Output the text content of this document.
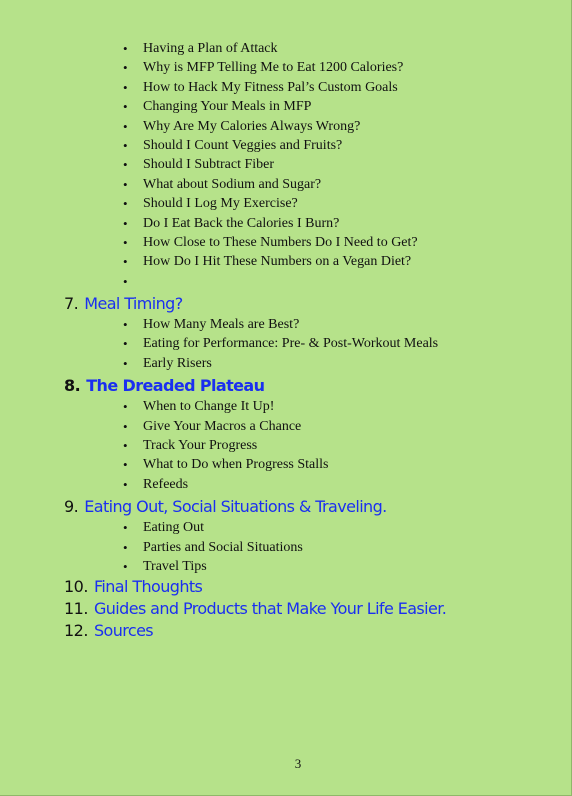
• Having a Plan of Attack
• Why is MFP Telling Me to Eat 1200 Calories?
• How to Hack My Fitness Pal’s Custom Goals
• Changing Your Meals in MFP
• Why Are My Calories Always Wrong?
• Should I Count Veggies and Fruits?
• Should I Subtract Fiber
• What about Sodium and Sugar?
• Should I Log My Exercise?
• Do I Eat Back the Calories I Burn?
• How Close to These Numbers Do I Need to Get?
• How Do I Hit These Numbers on a Vegan Diet?
•
7. Meal Timing?
• How Many Meals are Best?
• Eating for Performance: Pre- & Post-Workout Meals
• Early Risers
8. The Dreaded Plateau
• When to Change It Up!
• Give Your Macros a Chance
• Track Your Progress
• What to Do when Progress Stalls
• Refeeds
9. Eating Out, Social Situations & Traveling.
• Eating Out
• Parties and Social Situations
• Travel Tips
10. Final Thoughts
11. Guides and Products that Make Your Life Easier.
12. Sources
3
